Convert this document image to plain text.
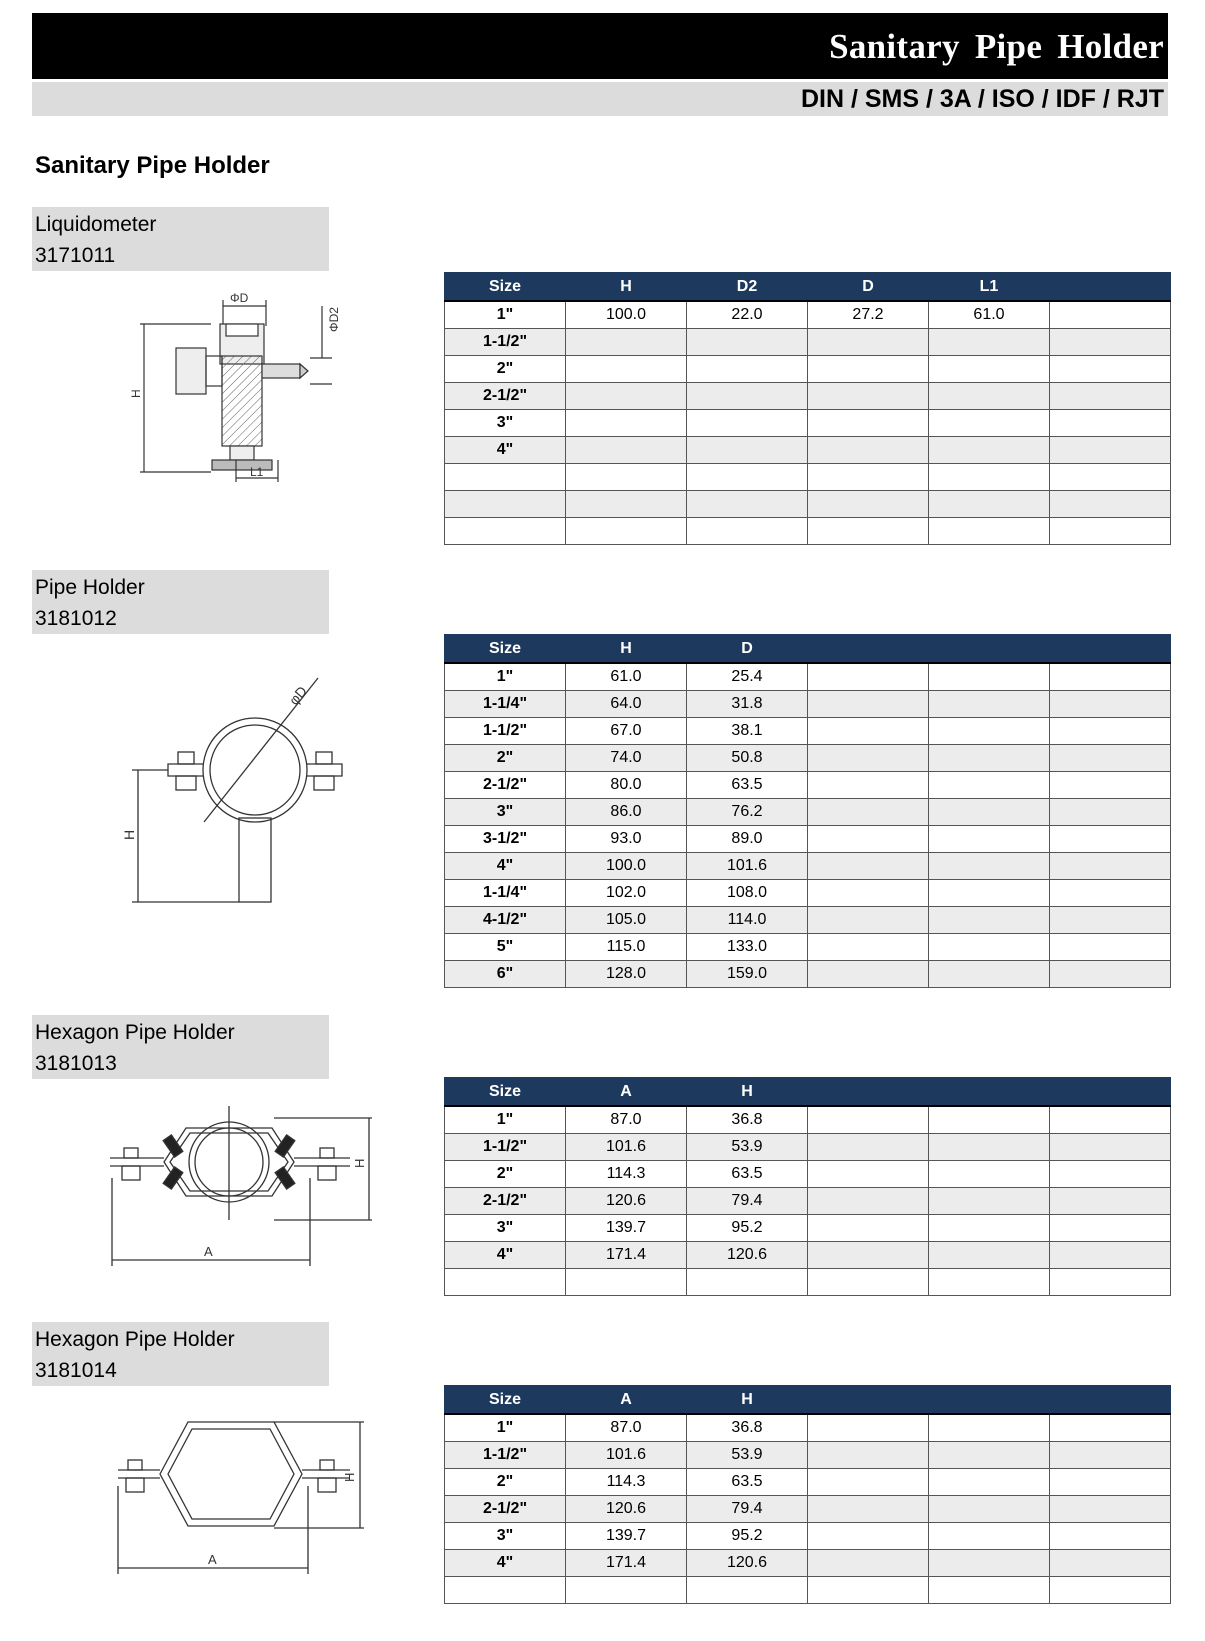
Sanitary Pipe Holder
DIN / SMS / 3A / ISO / IDF / RJT
Sanitary Pipe Holder
Liquidometer
3171011
H
ΦD
ΦD2
L1
Size	H	D2	D	L1	
1"	100.0	22.0	27.2	61.0	
1-1/2"					
2"					
2-1/2"					
3"					
4"					

Pipe Holder
3181012
φD
H
Size	H	D			
1"	61.0	25.4			
1-1/4"	64.0	31.8			
1-1/2"	67.0	38.1			
2"	74.0	50.8			
2-1/2"	80.0	63.5			
3"	86.0	76.2			
3-1/2"	93.0	89.0			
4"	100.0	101.6			
1-1/4"	102.0	108.0			
4-1/2"	105.0	114.0			
5"	115.0	133.0			
6"	128.0	159.0			
Hexagon Pipe Holder
3181013
H
A
Size	A	H			
1"	87.0	36.8			
1-1/2"	101.6	53.9			
2"	114.3	63.5			
2-1/2"	120.6	79.4			
3"	139.7	95.2			
4"	171.4	120.6			

Hexagon Pipe Holder
3181014
H
A
Size	A	H			
1"	87.0	36.8			
1-1/2"	101.6	53.9			
2"	114.3	63.5			
2-1/2"	120.6	79.4			
3"	139.7	95.2			
4"	171.4	120.6			
